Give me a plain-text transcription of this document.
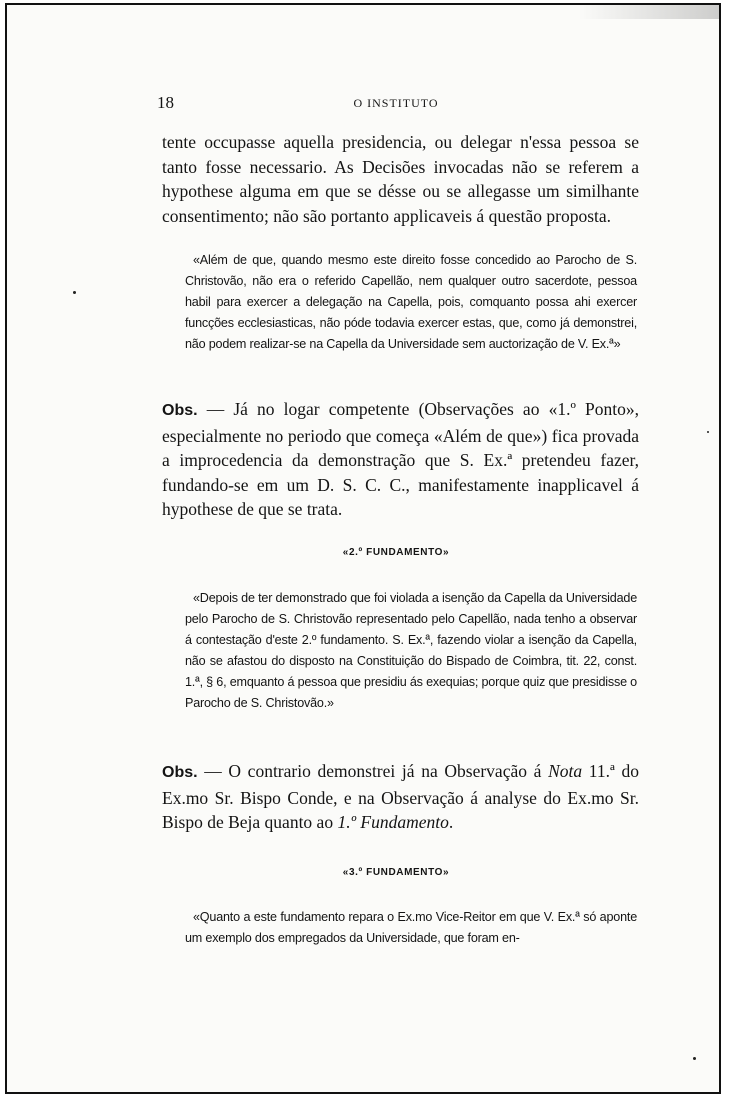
18	O INSTITUTO

tente occupasse aquella presidencia, ou delegar n'essa pessoa se tanto fosse necessario. As Decisões invocadas não se referem a hypothese alguma em que se désse ou se allegasse um similhante consentimento; não são portanto applicaveis á questão proposta.

«Além de que, quando mesmo este direito fosse concedido ao Parocho de S. Christovão, não era o referido Capellão, nem qualquer outro sacerdote, pessoa habil para exercer a delegação na Capella, pois, comquanto possa ahi exercer funcções ecclesiasticas, não póde todavia exercer estas, que, como já demonstrei, não podem realizar-se na Capella da Universidade sem auctorização de V. Ex.ª»

Obs. — Já no logar competente (Observações ao «1.º Ponto», especialmente no periodo que começa «Além de que») fica provada a improcedencia da demonstração que S. Ex.ª pretendeu fazer, fundando-se em um D. S. C. C., manifestamente inapplicavel á hypothese de que se trata.

«2.º FUNDAMENTO»

«Depois de ter demonstrado que foi violada a isenção da Capella da Universidade pelo Parocho de S. Christovão representado pelo Capellão, nada tenho a observar á contestação d'este 2.º fundamento. S. Ex.ª, fazendo violar a isenção da Capella, não se afastou do disposto na Constituição do Bispado de Coimbra, tit. 22, const. 1.ª, § 6, emquanto á pessoa que presidiu ás exequias; porque quiz que presidisse o Parocho de S. Christovão.»

Obs. — O contrario demonstrei já na Observação á Nota 11.ª do Ex.mo Sr. Bispo Conde, e na Observação á analyse do Ex.mo Sr. Bispo de Beja quanto ao 1.º Fundamento.

«3.º FUNDAMENTO»

«Quanto a este fundamento repara o Ex.mo Vice-Reitor em que V. Ex.ª só aponte um exemplo dos empregados da Universidade, que foram en-
